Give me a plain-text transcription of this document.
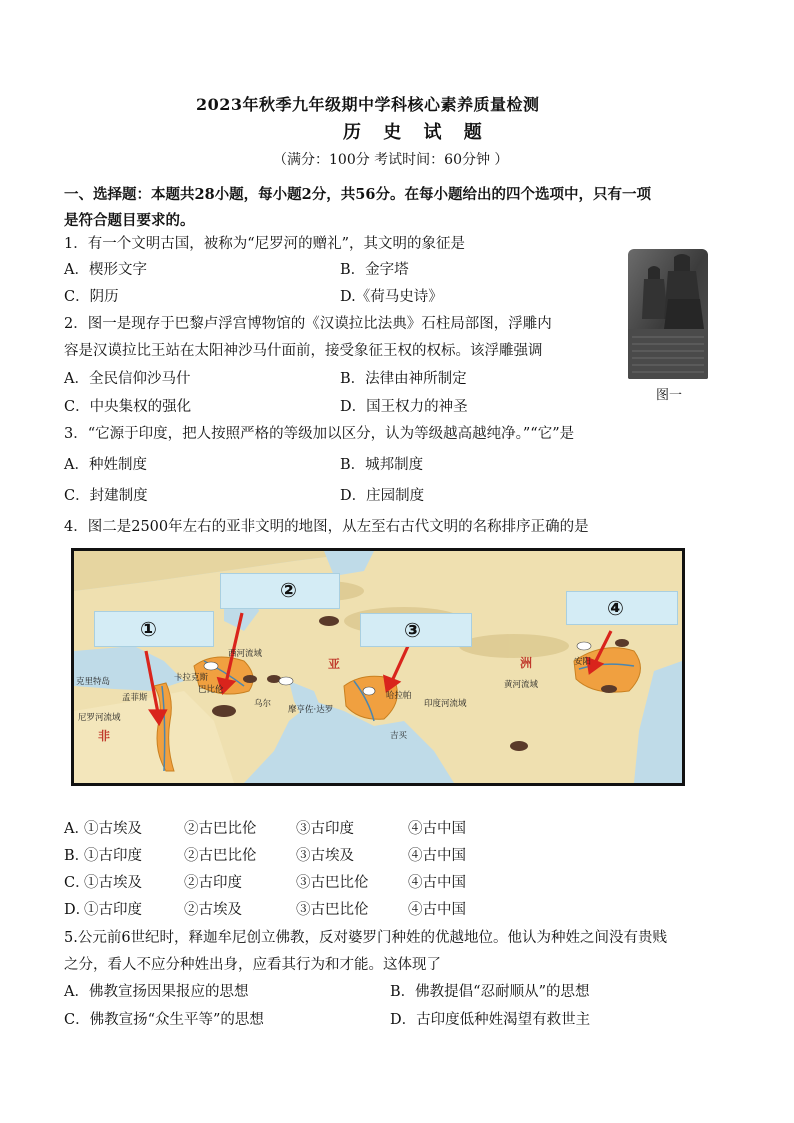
2023年秋季九年级期中学科核心素养质量检测
历 史 试 题
（满分：100分 考试时间：60分钟 ）
一、选择题：本题共28小题，每小题2分，共56分。在每小题给出的四个选项中，只有一项
是符合题目要求的。
1．有一个文明古国，被称为“尼罗河的赠礼”，其文明的象征是
A．楔形文字	B．金字塔
C．阴历	D.《荷马史诗》
图一
2．图一是现存于巴黎卢浮宫博物馆的《汉谟拉比法典》石柱局部图，浮雕内
容是汉谟拉比王站在太阳神沙马什面前，接受象征王权的权标。该浮雕强调
A．全民信仰沙马什	B．法律由神所制定
C．中央集权的强化	D．国王权力的神圣
3．“它源于印度，把人按照严格的等级加以区分，认为等级越高越纯净。”“它”是
A．种姓制度	B．城邦制度
C．封建制度	D．庄园制度
4．图二是2500年左右的亚非文明的地图，从左至右古代文明的名称排序正确的是
①
②
③
④
克里特岛
西河流域
巴比伦
乌尔
孟菲斯
尼罗河流域
亚	洲
非
摩亨佐·达罗
印度河流域
哈拉帕
黄河流域
安阳
卡拉克斯
吉买
A．
①古埃及	②古巴比伦	③古印度	④古中国
B．
①古印度	②古巴比伦	③古埃及	④古中国
C．
①古埃及	②古印度	③古巴比伦	④古中国
D．
①古印度	②古埃及	③古巴比伦	④古中国
5.公元前6世纪时，释迦牟尼创立佛教，反对婆罗门种姓的优越地位。他认为种姓之间没有贵贱
之分，看人不应分种姓出身，应看其行为和才能。这体现了
A．佛教宣扬因果报应的思想	B．佛教提倡“忍耐顺从”的思想
C．佛教宣扬“众生平等”的思想	D．古印度低种姓渴望有救世主
